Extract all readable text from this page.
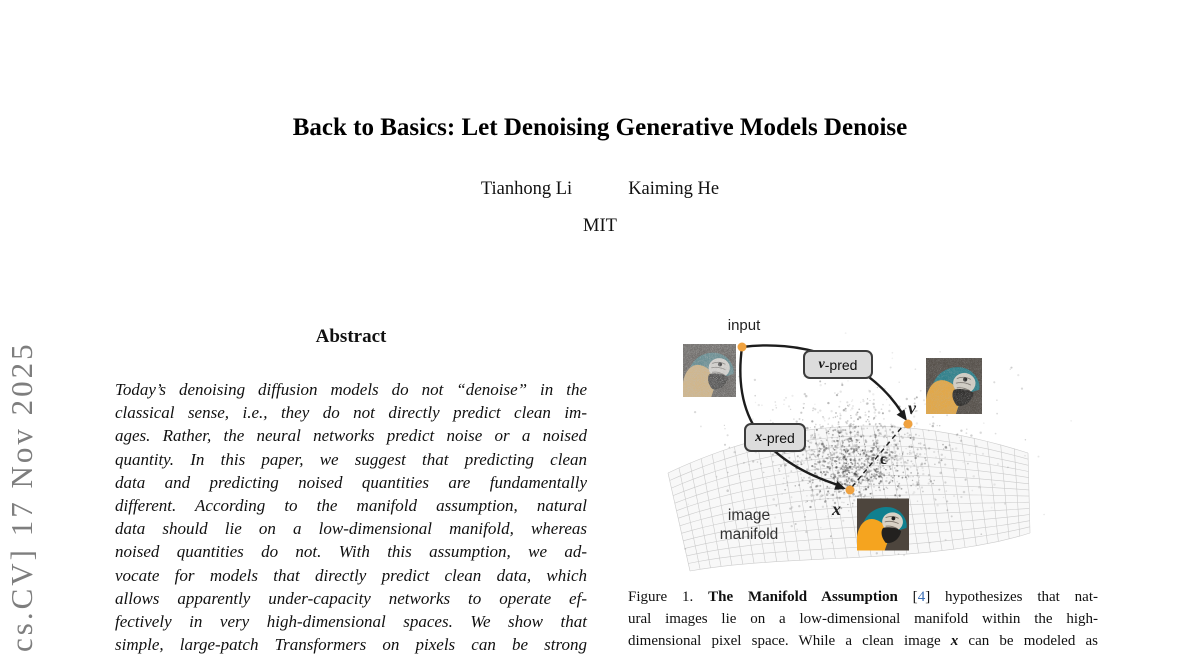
cs.CV] 17 Nov 2025
Back to Basics: Let Denoising Generative Models Denoise
Tianhong Li	Kaiming He
MIT
Abstract
Today’s denoising diffusion models do not “denoise” in the
classical sense, i.e., they do not directly predict clean im-
ages. Rather, the neural networks predict noise or a noised
quantity. In this paper, we suggest that predicting clean
data and predicting noised quantities are fundamentally
different. According to the manifold assumption, natural
data should lie on a low-dimensional manifold, whereas
noised quantities do not. With this assumption, we ad-
vocate for models that directly predict clean data, which
allows apparently under-capacity networks to operate ef-
fectively in very high-dimensional spaces. We show that
simple, large-patch Transformers on pixels can be strong
input
v -pred
x -pred
v
x
ϵ
image
manifold
Figure 1. The Manifold Assumption [4] hypothesizes that nat-
ural images lie on a low-dimensional manifold within the high-
dimensional pixel space. While a clean image x can be modeled as
